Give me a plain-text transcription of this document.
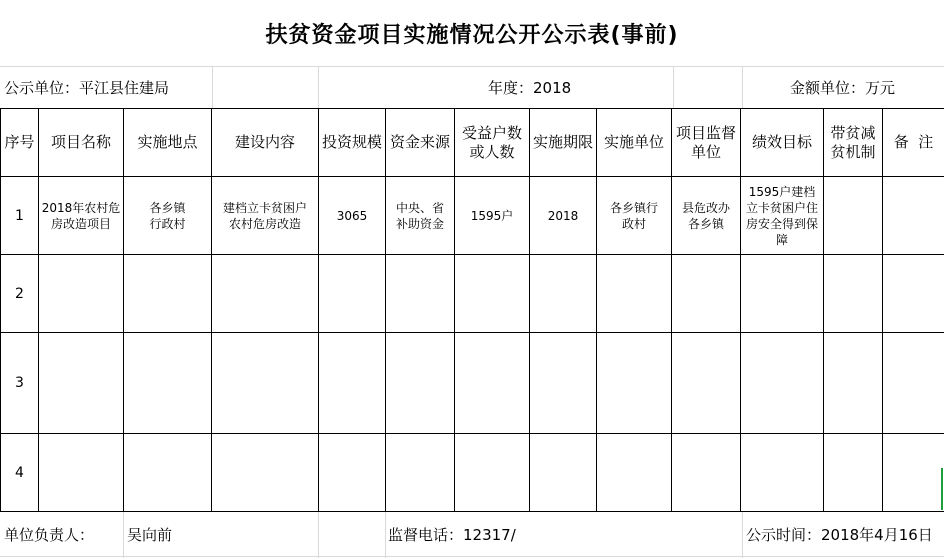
扶贫资金项目实施情况公开公示表(事前)
公示单位：平江县住建局	年度：2018	金额单位：万元
序号	项目名称	实施地点	建设内容	投资规模	资金来源	受益户数或人数	实施期限	实施单位	项目监督单位	绩效目标	带贫减贫机制	备  注
1	2018年农村危房改造项目	各乡镇行政村	建档立卡贫困户农村危房改造	3065	中央、省补助资金	1595户	2018	各乡镇行政村	县危改办各乡镇	1595户建档立卡贫困户住房安全得到保障		
2												
3												
4												
单位负责人：	吴向前	监督电话：12317/	公示时间：2018年4月16日
